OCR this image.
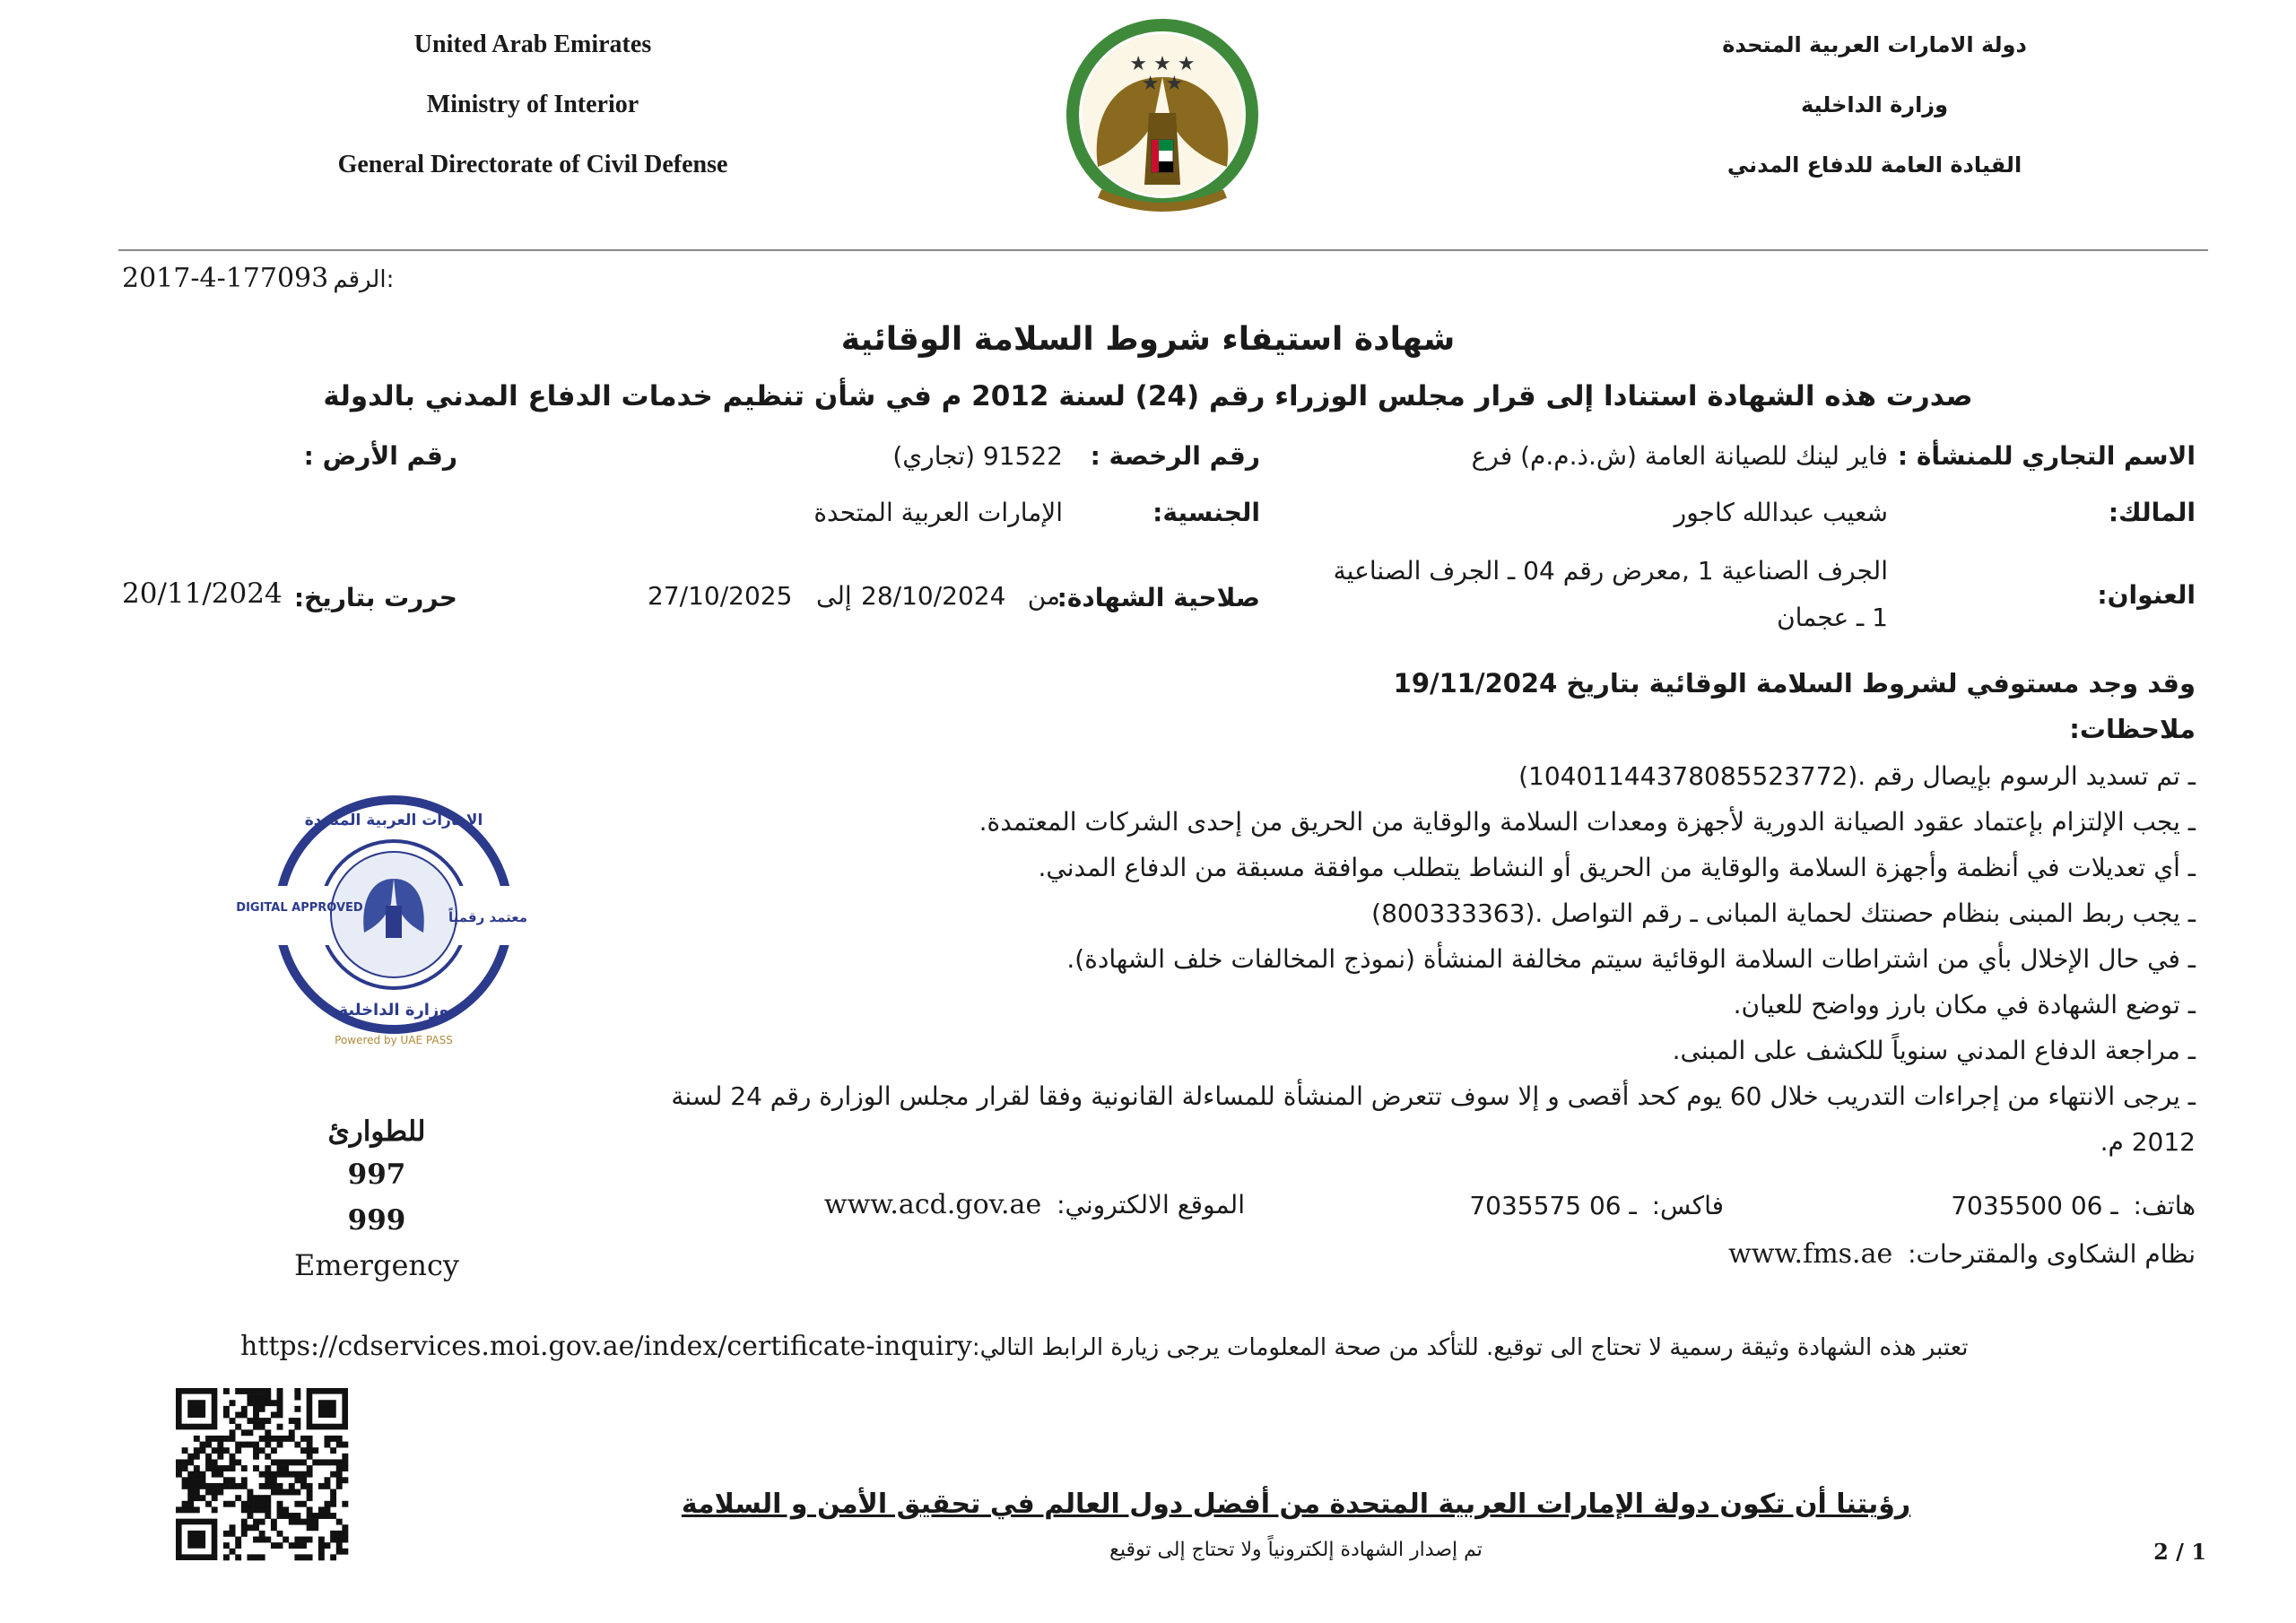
United Arab Emirates
Ministry of Interior
General Directorate of Civil Defense
دولة الامارات العربية المتحدة
وزارة الداخلية
القيادة العامة للدفاع المدني
★ ★ ★
★ ★
2017-4-177093 الرقم:
شهادة استيفاء شروط السلامة الوقائية
صدرت هذه الشهادة استنادا إلى قرار مجلس الوزراء رقم (24) لسنة 2012 م في شأن تنظيم خدمات الدفاع المدني بالدولة
الاسم التجاري للمنشأة :
فاير لينك للصيانة العامة (ش.ذ.م.م) فرع
رقم الرخصة :
91522 (تجاري)
رقم الأرض :
المالك:
شعيب عبدالله كاجور
الجنسية:
الإمارات العربية المتحدة
العنوان:
الجرف الصناعية 1 ,معرض رقم 04 ـ الجرف الصناعية
1 ـ عجمان
صلاحية الشهادة:
من
28/10/2024
إلى
27/10/2025
حررت بتاريخ:
20/11/2024
وقد وجد مستوفي لشروط السلامة الوقائية بتاريخ 19/11/2024
ملاحظات:
ـ تم تسديد الرسوم بإيصال رقم .(10401144378085523772)
ـ يجب الإلتزام بإعتماد عقود الصيانة الدورية لأجهزة ومعدات السلامة والوقاية من الحريق من إحدى الشركات المعتمدة.
ـ أي تعديلات في أنظمة وأجهزة السلامة والوقاية من الحريق أو النشاط يتطلب موافقة مسبقة من الدفاع المدني.
ـ يجب ربط المبنى بنظام حصنتك لحماية المبانى ـ رقم التواصل .(800333363)
ـ في حال الإخلال بأي من اشتراطات السلامة الوقائية سيتم مخالفة المنشأة (نموذج المخالفات خلف الشهادة).
ـ توضع الشهادة في مكان بارز وواضح للعيان.
ـ مراجعة الدفاع المدني سنوياً للكشف على المبنى.
ـ يرجى الانتهاء من إجراءات التدريب خلال 60 يوم كحد أقصى و إلا سوف تتعرض المنشأة للمساءلة القانونية وفقا لقرار مجلس الوزارة رقم 24 لسنة 2012 م.
DIGITAL APPROVED
معتمد رقمياً
الإمارات العربية المتحدة
وزارة الداخلية
Powered by UAE PASS
للطوارئ
997
999
Emergency
هاتف: 7035500 ـ 06
فاكس: 7035575 ـ 06
الموقع الالكتروني: www.acd.gov.ae
نظام الشكاوى والمقترحات: www.fms.ae
https://cdservices.moi.gov.ae/index/certificate-inquiryتعتبر هذه الشهادة وثيقة رسمية لا تحتاج الى توقيع. للتأكد من صحة المعلومات يرجى زيارة الرابط التالي:
رؤيتنا أن تكون دولة الإمارات العربية المتحدة من أفضل دول العالم في تحقيق الأمن و السلامة
تم إصدار الشهادة إلكترونياً ولا تحتاج إلى توقيع	2 / 1
